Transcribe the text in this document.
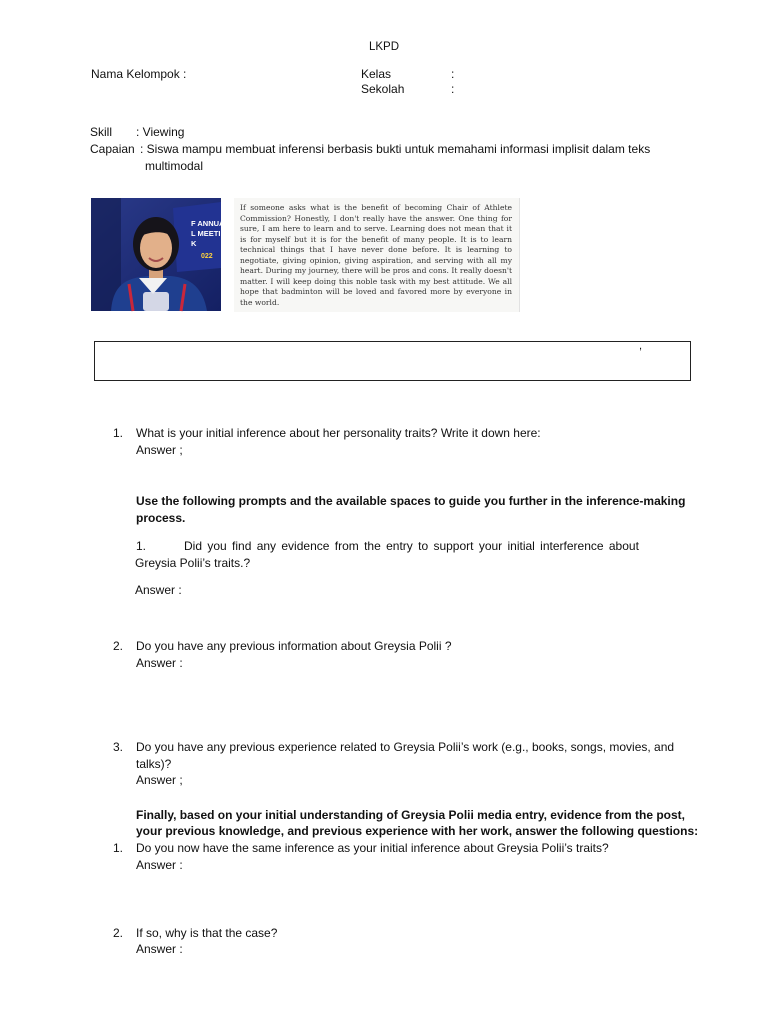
LKPD
Nama Kelompok :	Kelas	:
Sekolah	:
Skill : Viewing
Capaian : Siswa mampu membuat inferensi berbasis bukti untuk memahami informasi implisit dalam teks
multimodal
F ANNUAL
L MEETING
K
022
If someone asks what is the benefit of becoming Chair of Athlete Commission? Honestly, I don't really have the answer. One thing for sure, I am here to learn and to serve. Learning does not mean that it is for myself but it is for the benefit of many people. It is to learn technical things that I have never done before. It is learning to negotiate, giving opinion, giving aspiration, and serving with all my heart. During my journey, there will be pros and cons. It really doesn't matter. I will keep doing this noble task with my best attitude. We all hope that badminton will be loved and favored more by everyone in the world.
,
1. What is your initial inference about her personality traits? Write it down here:
Answer ;
Use the following prompts and the available spaces to guide you further in the inference-making
process.
1.	Did you find any evidence from the entry to support your initial interference about
Greysia Polii’s traits.?
Answer :
2. Do you have any previous information about Greysia Polii ?
Answer :
3. Do you have any previous experience related to Greysia Polii’s work (e.g., books, songs, movies, and
talks)?
Answer ;
Finally, based on your initial understanding of Greysia Polii media entry, evidence from the post,
your previous knowledge, and previous experience with her work, answer the following questions:
1. Do you now have the same inference as your initial inference about Greysia Polii’s traits?
Answer :
2. If so, why is that the case?
Answer :
